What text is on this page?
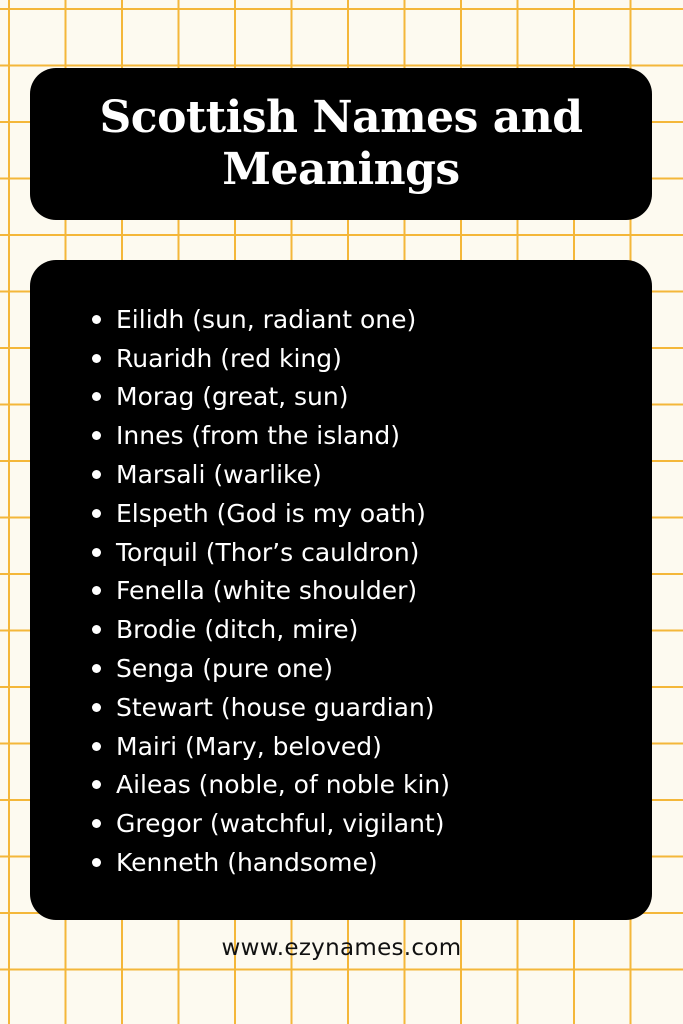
Scottish Names and
Meanings
Eilidh (sun, radiant one)
Ruaridh (red king)
Morag (great, sun)
Innes (from the island)
Marsali (warlike)
Elspeth (God is my oath)
Torquil (Thor’s cauldron)
Fenella (white shoulder)
Brodie (ditch, mire)
Senga (pure one)
Stewart (house guardian)
Mairi (Mary, beloved)
Aileas (noble, of noble kin)
Gregor (watchful, vigilant)
Kenneth (handsome)
www.ezynames.com
